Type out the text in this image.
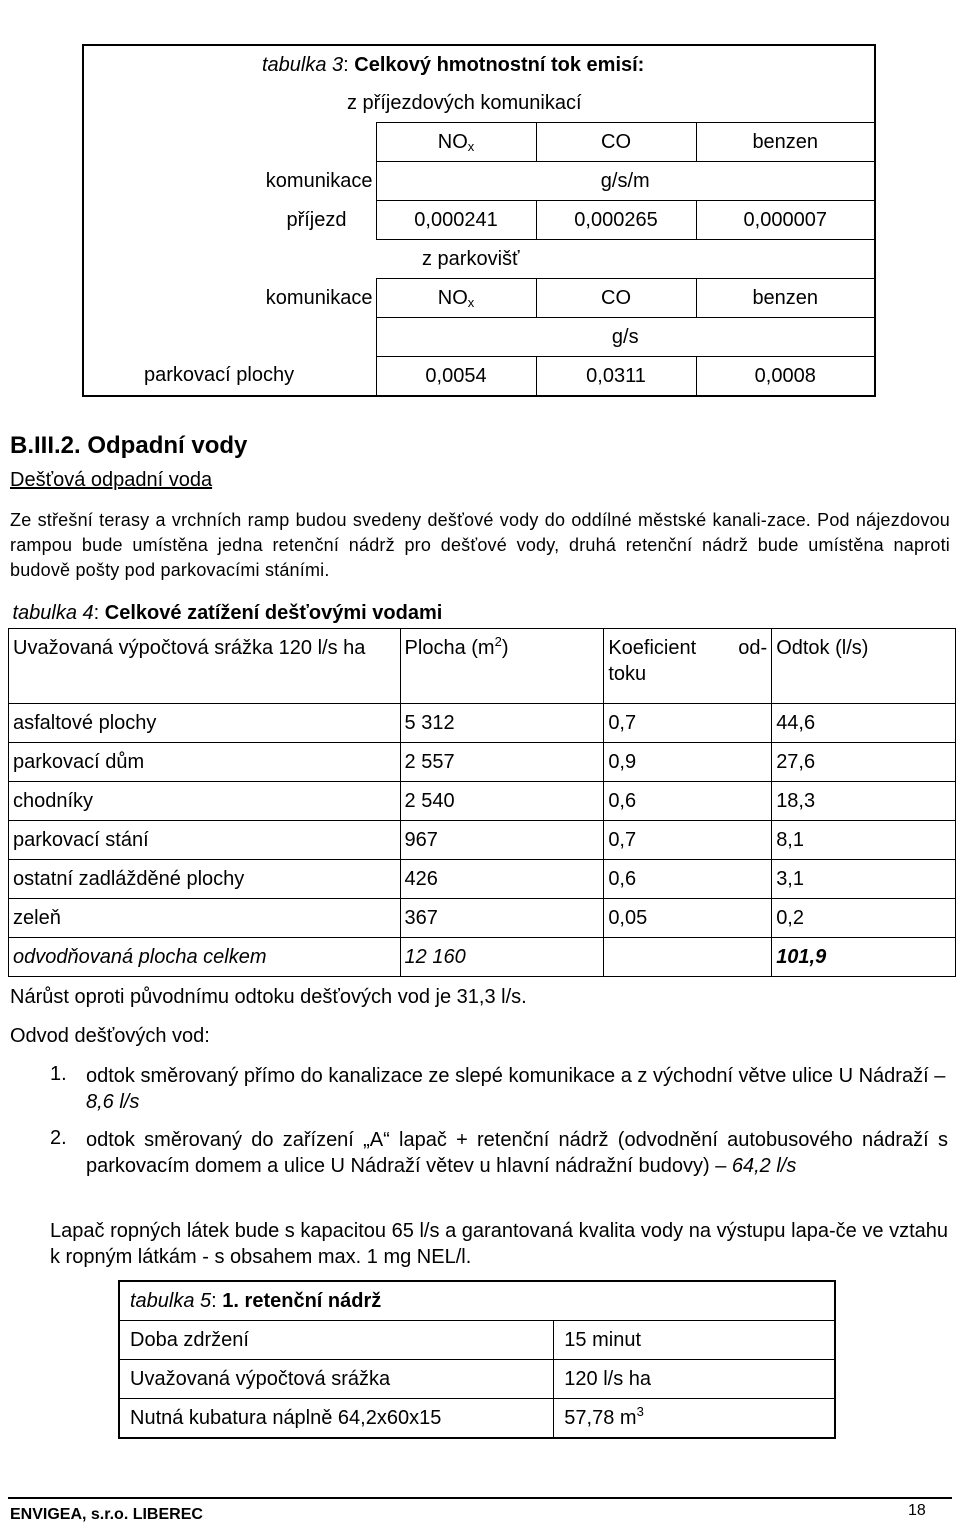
tabulka 3: Celkový hmotnostní tok emisí:			
z příjezdových komunikací			
	$NO_x$	CO	benzen
komunikace	g/s/m		
příjezd	0,000241	0,000265	0,000007
	z parkovišť		
komunikace	$NO_x$	CO	benzen
	g/s		
parkovací plochy	0,0054	0,0311	0,0008
B.III.2. Odpadní vody
Dešťová odpadní voda
Ze střešní terasy a vrchních ramp budou svedeny dešťové vody do oddílné městské kanali-zace. Pod nájezdovou rampou bude umístěna jedna retenční nádrž pro dešťové vody, druhá retenční nádrž bude umístěna naproti budově pošty pod parkovacími stáními.
tabulka 4: Celkové zatížení dešťovými vodami			
Uvažovaná výpočtová srážka 120 l/s ha	Plocha $(m^2)$	Koeficient od-toku	Odtok (l/s)
asfaltové plochy	5 312	0,7	44,6
parkovací dům	2 557	0,9	27,6
chodníky	2 540	0,6	18,3
parkovací stání	967	0,7	8,1
ostatní zadlážděné plochy	426	0,6	3,1
zeleň	367	0,05	0,2
odvodňovaná plocha celkem	12 160		101,9
Nárůst oproti původnímu odtoku dešťových vod je 31,3 l/s.
Odvod dešťových vod:
1. odtok směrovaný přímo do kanalizace ze slepé komunikace a z východní větve ulice U Nádraží – 8,6 l/s
2. odtok směrovaný do zařízení „A“ lapač + retenční nádrž (odvodnění autobusového nádraží s parkovacím domem a ulice U Nádraží větev u hlavní nádražní budovy) – 64,2 l/s
Lapač ropných látek bude s kapacitou 65 l/s a garantovaná kvalita vody na výstupu lapa-če ve vztahu k ropným látkám - s obsahem max. 1 mg NEL/l.
tabulka 5: 1. retenční nádrž	
Doba zdržení	15 minut
Uvažovaná výpočtová srážka	120 l/s ha
Nutná kubatura náplně 64,2x60x15	57,78 $m^3$
ENVIGEA, s.r.o. LIBEREC	18
